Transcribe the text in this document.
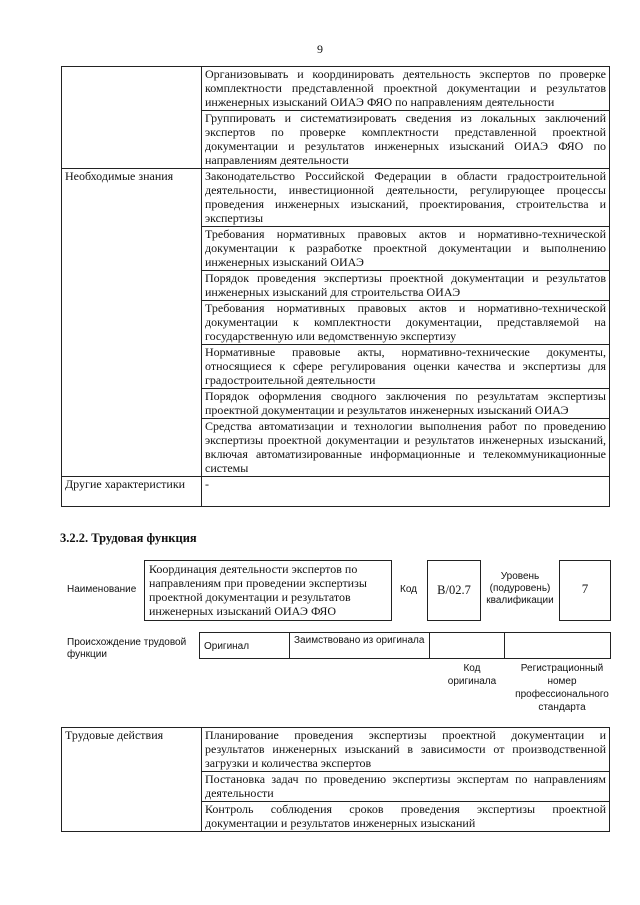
9
	Организовывать и координировать деятельность экспертов по проверке комплектности представленной проектной документации и результатов инженерных изысканий ОИАЭ ФЯО по направлениям деятельности
	Группировать и систематизировать сведения из локальных заключений экспертов по проверке комплектности представленной проектной документации и результатов инженерных изысканий ОИАЭ ФЯО по направлениям деятельности
Необходимые знания	Законодательство Российской Федерации в области градостроительной деятельности, инвестиционной деятельности, регулирующее процессы проведения инженерных изысканий, проектирования, строительства и экспертизы
	Требования нормативных правовых актов и нормативно-технической документации к разработке проектной документации и выполнению инженерных изысканий ОИАЭ
	Порядок проведения экспертизы проектной документации и результатов инженерных изысканий для строительства ОИАЭ
	Требования нормативных правовых актов и нормативно-технической документации к комплектности документации, представляемой на государственную или ведомственную экспертизу
	Нормативные правовые акты, нормативно-технические документы, относящиеся к сфере регулирования оценки качества и экспертизы для градостроительной деятельности
	Порядок оформления сводного заключения по результатам экспертизы проектной документации и результатов инженерных изысканий ОИАЭ
	Средства автоматизации и технологии выполнения работ по проведению экспертизы проектной документации и результатов инженерных изысканий, включая автоматизированные информационные и телекоммуникационные системы
Другие характеристики	-
3.2.2. Трудовая функция
Наименование
Координация деятельности экспертов по направлениям при проведении экспертизы проектной документации и результатов инженерных изысканий ОИАЭ ФЯО
Код	В/02.7
Уровень (подуровень) квалификации
7
Происхождение трудовой функции
Оригинал	Заимствовано из оригинала		
Код оригинала
Регистрационный номер профессионального стандарта
Трудовые действия	Планирование проведения экспертизы проектной документации и результатов инженерных изысканий в зависимости от производственной загрузки и количества экспертов
Постановка задач по проведению экспертизы экспертам по направлениям деятельности
Контроль соблюдения сроков проведения экспертизы проектной документации и результатов инженерных изысканий
